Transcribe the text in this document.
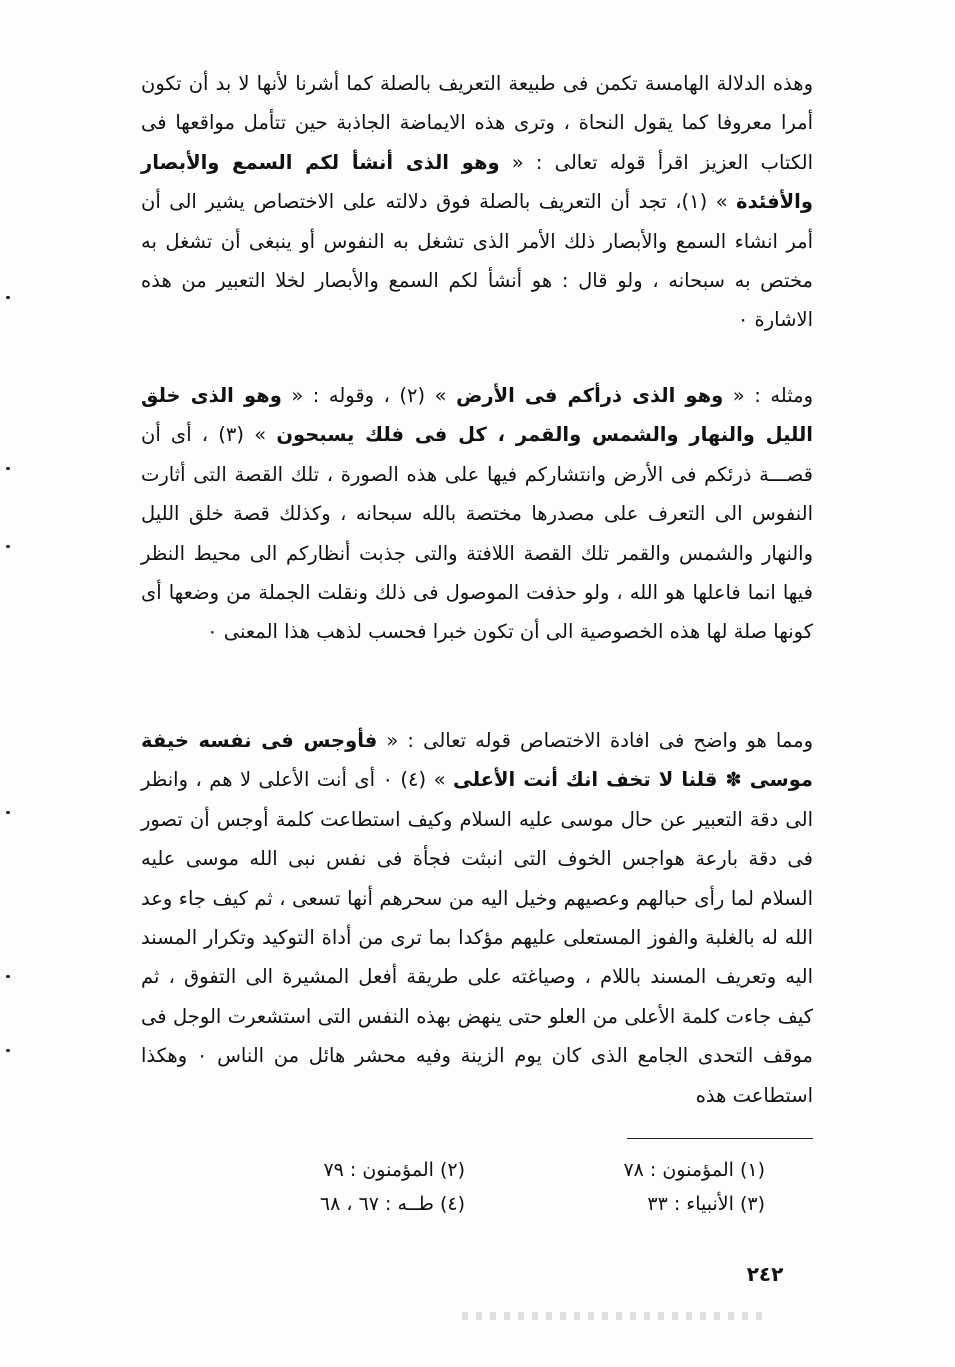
وهذه الدلالة الهامسة تكمن فى طبيعة التعريف بالصلة كما أشرنا لأنها لا بد أن تكون أمرا معروفا كما يقول النحاة ، وترى هذه الايماضة الجاذبة حين تتأمل مواقعها فى الكتاب العزيز اقرأ قوله تعالى : « وهو الذى أنشأ لكم السمع والأبصار والأفئدة » (١)، تجد أن التعريف بالصلة فوق دلالته على الاختصاص يشير الى أن أمر انشاء السمع والأبصار ذلك الأمر الذى تشغل به النفوس أو ينبغى أن تشغل به مختص به سبحانه ، ولو قال : هو أنشأ لكم السمع والأبصار لخلا التعبير من هذه الاشارة ٠

ومثله : « وهو الذى ذرأكم فى الأرض » (٢) ، وقوله : « وهو الذى خلق الليل والنهار والشمس والقمر ، كل فى فلك يسبحون » (٣) ، أى أن قصـــة ذرئكم فى الأرض وانتشاركم فيها على هذه الصورة ، تلك القصة التى أثارت النفوس الى التعرف على مصدرها مختصة بالله سبحانه ، وكذلك قصة خلق الليل والنهار والشمس والقمر تلك القصة اللافتة والتى جذبت أنظاركم الى محيط النظر فيها انما فاعلها هو الله ، ولو حذفت الموصول فى ذلك ونقلت الجملة من وضعها أى كونها صلة لها هذه الخصوصية الى أن تكون خبرا فحسب لذهب هذا المعنى ٠

ومما هو واضح فى افادة الاختصاص قوله تعالى : « فأوجس فى نفسه خيفة موسى ✽ قلنا لا تخف انك أنت الأعلى » (٤) ٠ أى أنت الأعلى لا هم ، وانظر الى دقة التعبير عن حال موسى عليه السلام وكيف استطاعت كلمة أوجس أن تصور فى دقة بارعة هواجس الخوف التى انبثت فجأة فى نفس نبى الله موسى عليه السلام لما رأى حبالهم وعصيهم وخيل اليه من سحرهم أنها تسعى ، ثم كيف جاء وعد الله له بالغلبة والفوز المستعلى عليهم مؤكدا بما ترى من أداة التوكيد وتكرار المسند اليه وتعريف المسند باللام ، وصياغته على طريقة أفعل المشيرة الى التفوق ، ثم كيف جاءت كلمة الأعلى من العلو حتى ينهض بهذه النفس التى استشعرت الوجل فى موقف التحدى الجامع الذى كان يوم الزينة وفيه محشر هائل من الناس ٠ وهكذا استطاعت هذه

(١) المؤمنون : ٧٨
(٢) المؤمنون : ٧٩
(٣) الأنبياء : ٣٣
(٤) طــه : ٦٧ ، ٦٨
٢٤٢
